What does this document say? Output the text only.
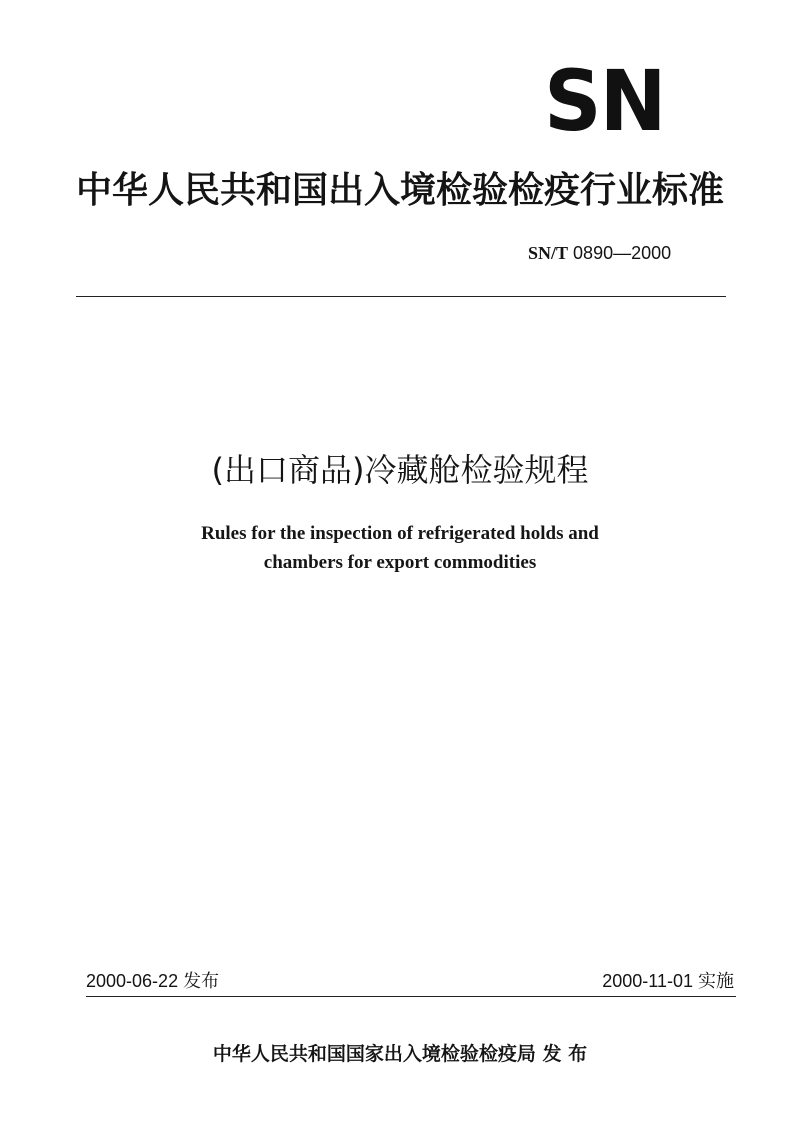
SN
中华人民共和国出入境检验检疫行业标准
SN/T 0890—2000
(出口商品)冷藏舱检验规程
Rules for the inspection of refrigerated holds and
chambers for export commodities
2000-06-22 发布	2000-11-01 实施
中华人民共和国国家出入境检验检疫局 发 布
